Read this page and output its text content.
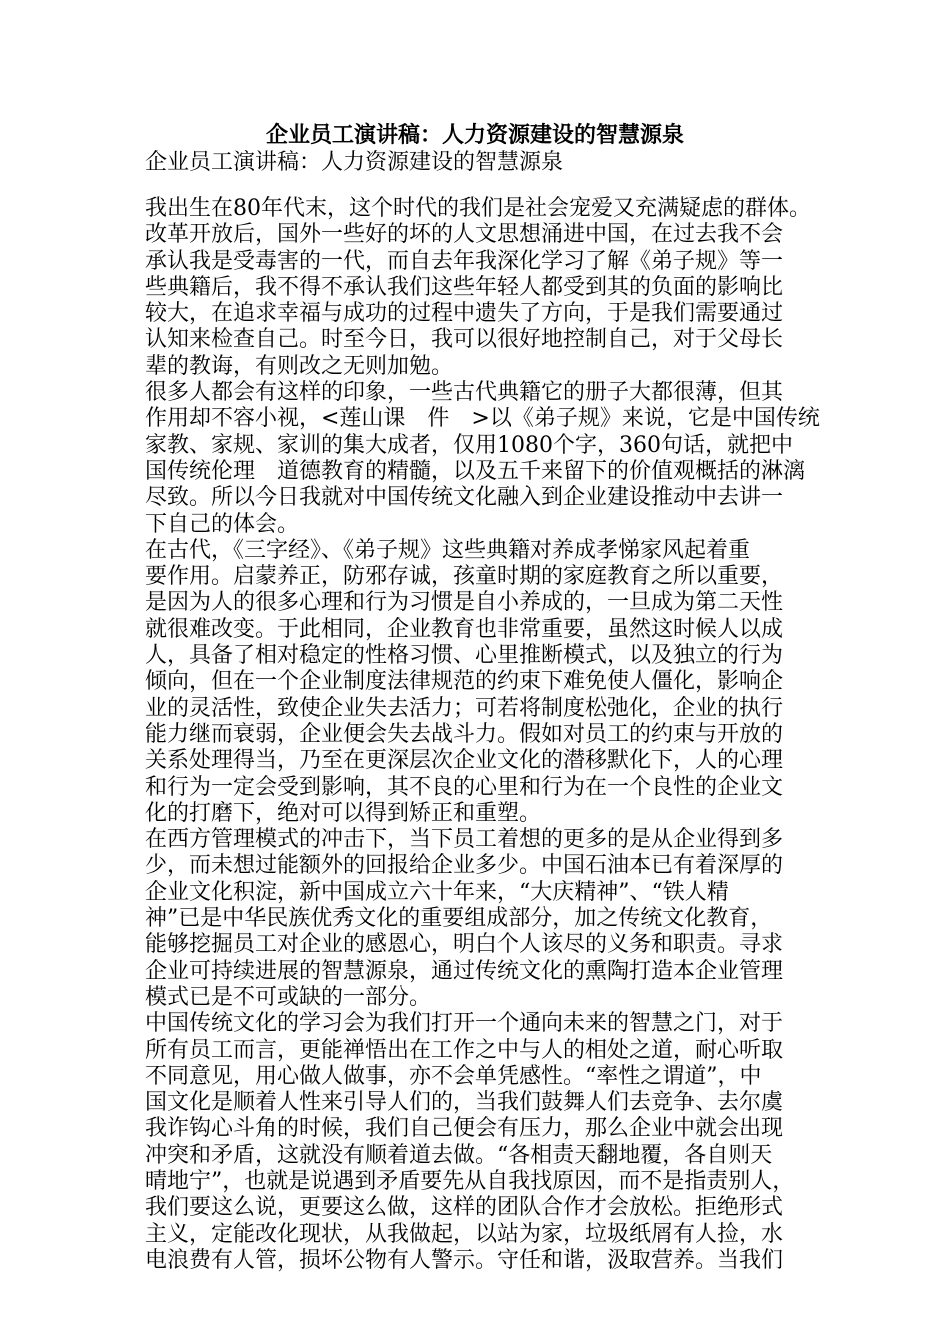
企业员工演讲稿：人力资源建设的智慧源泉
企业员工演讲稿：人力资源建设的智慧源泉
我出生在80年代末，这个时代的我们是社会宠爱又充满疑虑的群体。
改革开放后，国外一些好的坏的人文思想涌进中国，在过去我不会
承认我是受毒害的一代，而自去年我深化学习了解《弟子规》等一
些典籍后，我不得不承认我们这些年轻人都受到其的负面的影响比
较大，在追求幸福与成功的过程中遗失了方向，于是我们需要通过
认知来检查自己。时至今日，我可以很好地控制自己，对于父母长
辈的教诲，有则改之无则加勉。
很多人都会有这样的印象，一些古代典籍它的册子大都很薄，但其
作用却不容小视，<莲山课　件　>以《弟子规》来说，它是中国传统
家教、家规、家训的集大成者，仅用1080个字，360句话，就把中
国传统伦理　道德教育的精髓，以及五千来留下的价值观概括的淋漓
尽致。所以今日我就对中国传统文化融入到企业建设推动中去讲一
下自己的体会。
在古代，《三字经》、《弟子规》这些典籍对养成孝悌家风起着重
要作用。启蒙养正，防邪存诚，孩童时期的家庭教育之所以重要，
是因为人的很多心理和行为习惯是自小养成的，一旦成为第二天性
就很难改变。于此相同，企业教育也非常重要，虽然这时候人以成
人，具备了相对稳定的性格习惯、心里推断模式，以及独立的行为
倾向，但在一个企业制度法律规范的约束下难免使人僵化，影响企
业的灵活性，致使企业失去活力；可若将制度松弛化，企业的执行
能力继而衰弱，企业便会失去战斗力。假如对员工的约束与开放的
关系处理得当，乃至在更深层次企业文化的潜移默化下，人的心理
和行为一定会受到影响，其不良的心里和行为在一个良性的企业文
化的打磨下，绝对可以得到矫正和重塑。
在西方管理模式的冲击下，当下员工着想的更多的是从企业得到多
少，而未想过能额外的回报给企业多少。中国石油本已有着深厚的
企业文化积淀，新中国成立六十年来，“大庆精神”、“铁人精
神”已是中华民族优秀文化的重要组成部分，加之传统文化教育，
能够挖掘员工对企业的感恩心，明白个人该尽的义务和职责。寻求
企业可持续进展的智慧源泉，通过传统文化的熏陶打造本企业管理
模式已是不可或缺的一部分。
中国传统文化的学习会为我们打开一个通向未来的智慧之门，对于
所有员工而言，更能禅悟出在工作之中与人的相处之道，耐心听取
不同意见，用心做人做事，亦不会单凭感性。“率性之谓道”，中
国文化是顺着人性来引导人们的，当我们鼓舞人们去竞争、去尔虞
我诈钩心斗角的时候，我们自己便会有压力，那么企业中就会出现
冲突和矛盾，这就没有顺着道去做。“各相责天翻地覆，各自则天
晴地宁”，也就是说遇到矛盾要先从自我找原因，而不是指责别人，
我们要这么说，更要这么做，这样的团队合作才会放松。拒绝形式
主义，定能改化现状，从我做起，以站为家，垃圾纸屑有人捡，水
电浪费有人管，损坏公物有人警示。守任和谐，汲取营养。当我们
